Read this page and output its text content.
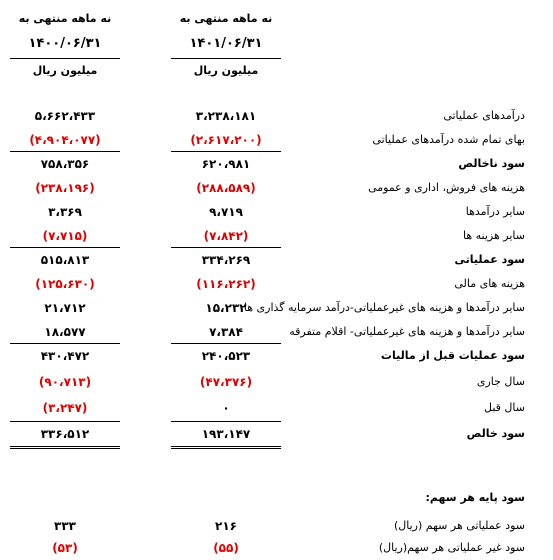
نه ماهه منتهی به
نه ماهه منتهی به
۱۴۰۱/۰۶/۳۱
۱۴۰۰/۰۶/۳۱
میلیون ریال
میلیون ریال
درآمدهای عملیاتی
۳،۲۳۸،۱۸۱
۵،۶۶۲،۴۳۳
بهای تمام شده درآمدهای عملیاتی
(۲،۶۱۷،۲۰۰)
(۴،۹۰۴،۰۷۷)
سود ناخالص
۶۲۰،۹۸۱
۷۵۸،۳۵۶
هزینه های فروش، اداری و عمومی
(۲۸۸،۵۸۹)
(۲۳۸،۱۹۶)
سایر درآمدها
۹،۷۱۹
۳،۳۶۹
سایر هزینه ها
(۷،۸۴۲)
(۷،۷۱۵)
سود عملیاتی
۳۳۴،۲۶۹
۵۱۵،۸۱۳
هزینه های مالی
(۱۱۶،۲۶۲)
(۱۲۵،۶۳۰)
سایر درآمدها و هزینه های غیرعملیاتی-درآمد سرمایه گذاری ها
۱۵،۲۳۲
۲۱،۷۱۲
سایر درآمدها و هزینه های غیرعملیاتی- اقلام متفرقه
۷،۳۸۴
۱۸،۵۷۷
سود عملیات قبل از مالیات
۲۴۰،۵۲۳
۴۳۰،۴۷۲
سال جاری
(۴۷،۳۷۶)
(۹۰،۷۱۳)
سال قبل
۰
(۳،۲۴۷)
سود خالص
۱۹۳،۱۴۷
۳۳۶،۵۱۲
سود پایه هر سهم:
سود عملیاتی هر سهم (ریال)
۲۱۶
۳۳۳
سود غیر عملیاتی هر سهم(ریال)
(۵۵)
(۵۳)
